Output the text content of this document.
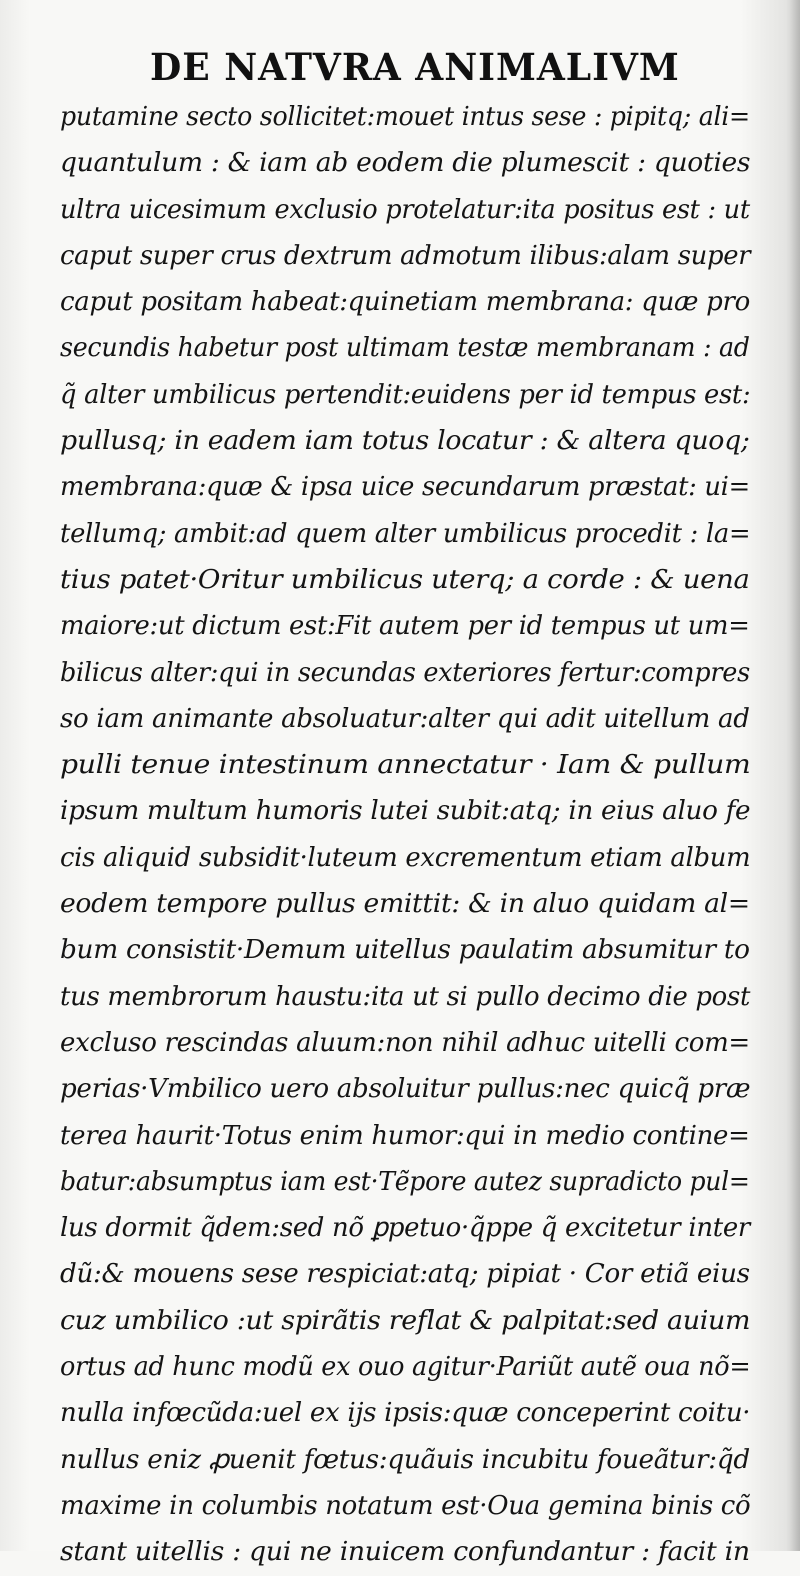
DE NATVRA ANIMALIVM
putamine secto sollicitet:mouet intus sese : pipitq; ali=
quantulum : & iam ab eodem die plumescit : quoties
ultra uicesimum exclusio protelatur:ita positus est : ut
caput super crus dextrum admotum ilibus:alam super
caput positam habeat:quinetiam membrana: quæ pro
secundis habetur post ultimam testæ membranam : ad
q̃ alter umbilicus pertendit:euidens per id tempus est:
pullusq; in eadem iam totus locatur : & altera quoq;
membrana:quæ & ipsa uice secundarum præstat: ui=
tellumq; ambit:ad quem alter umbilicus procedit : la=
tius patet·Oritur umbilicus uterq; a corde : & uena
maiore:ut dictum est:Fit autem per id tempus ut um=
bilicus alter:qui in secundas exteriores fertur:compres
so iam animante absoluatur:alter qui adit uitellum ad
pulli tenue intestinum annectatur · Iam & pullum
ipsum multum humoris lutei subit:atq; in eius aluo fe
cis aliquid subsidit·luteum excrementum etiam album
eodem tempore pullus emittit: & in aluo quidam al=
bum consistit·Demum uitellus paulatim absumitur to
tus membrorum haustu:ita ut si pullo decimo die post
excluso rescindas aluum:non nihil adhuc uitelli com=
perias·Vmbilico uero absoluitur pullus:nec quicq̃ præ
terea haurit·Totus enim humor:qui in medio contine=
batur:absumptus iam est·Tẽpore autez supradicto pul=
lus dormit q̃dem:sed nõ ꝑpetuo·q̃ppe q̃ excitetur inter
dũ:& mouens sese respiciat:atq; pipiat · Cor etiã eius
cuz umbilico :ut spirãtis reflat & palpitat:sed auium
ortus ad hunc modũ ex ouo agitur·Pariũt autẽ oua nõ=
nulla infœcũda:uel ex ijs ipsis:quæ conceperint coitu·
nullus eniz ꝓuenit fœtus:quãuis incubitu foueãtur:q̃d
maxime in columbis notatum est·Oua gemina binis cõ
stant uitellis : qui ne inuicem confundantur : facit in
